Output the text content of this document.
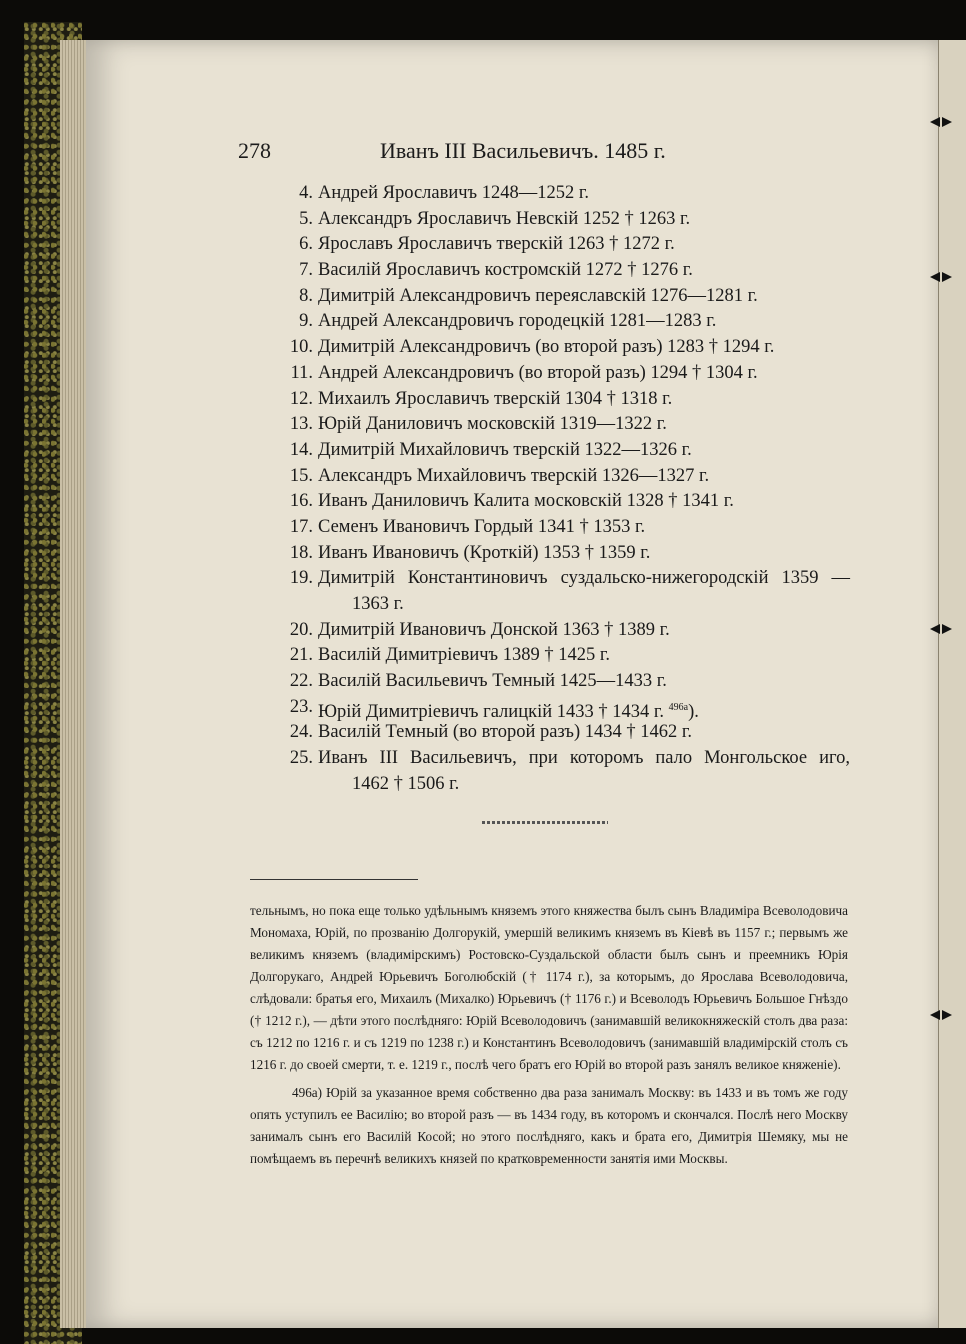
278	Иванъ III Васильевичъ. 1485 г.
4. Андрей Ярославичъ 1248—1252 г.
5. Александръ Ярославичъ Невскій 1252 † 1263 г.
6. Ярославъ Ярославичъ тверскій 1263 † 1272 г.
7. Василій Ярославичъ костромскій 1272 † 1276 г.
8. Димитрій Александровичъ переяславскій 1276—1281 г.
9. Андрей Александровичъ городецкій 1281—1283 г.
10. Димитрій Александровичъ (во второй разъ) 1283 † 1294 г.
11. Андрей Александровичъ (во второй разъ) 1294 † 1304 г.
12. Михаилъ Ярославичъ тверскій 1304 † 1318 г.
13. Юрій Даниловичъ московскій 1319—1322 г.
14. Димитрій Михайловичъ тверскій 1322—1326 г.
15. Александръ Михайловичъ тверскій 1326—1327 г.
16. Иванъ Даниловичъ Калита московскій 1328 † 1341 г.
17. Семенъ Ивановичъ Гордый 1341 † 1353 г.
18. Иванъ Ивановичъ (Кроткій) 1353 † 1359 г.
19. Димитрій Константиновичъ суздальско-нижегородскій 1359 —
1363 г.
20. Димитрій Ивановичъ Донской 1363 † 1389 г.
21. Василій Димитріевичъ 1389 † 1425 г.
22. Василій Васильевичъ Темный 1425—1433 г.
23. Юрій Димитріевичъ галицкій 1433 † 1434 г. $^{496a}$).
24. Василій Темный (во второй разъ) 1434 † 1462 г.
25. Иванъ III Васильевичъ, при которомъ пало Монгольское иго,
1462 † 1506 г.

тельнымъ, но пока еще только удѣльнымъ княземъ этого княжества былъ сынъ Владиміра Всеволодовича Мономаха, Юрій, по прозванію Долгорукій, умершій великимъ княземъ въ Кіевѣ въ 1157 г.; первымъ же великимъ княземъ (владимірскимъ) Ростовско-Суздальской области былъ сынъ и преемникъ Юрія Долгорукаго, Андрей Юрьевичъ Боголюбскій († 1174 г.), за которымъ, до Ярослава Всеволодовича, слѣдовали: братья его, Михаилъ (Михалко) Юрьевичъ († 1176 г.) и Всеволодъ Юрьевичъ Большое Гнѣздо († 1212 г.), — дѣти этого послѣдняго: Юрій Всеволодовичъ (занимавшій великокняжескій столъ два раза: съ 1212 по 1216 г. и съ 1219 по 1238 г.) и Константинъ Всеволодовичъ (занимавшій владимірскій столъ съ 1216 г. до своей смерти, т. е. 1219 г., послѣ чего братъ его Юрій во второй разъ занялъ великое княженіе).

496a) Юрій за указанное время собственно два раза занималъ Москву: въ 1433 и въ томъ же году опять уступилъ ее Василію; во второй разъ — въ 1434 году, въ которомъ и скончался. Послѣ него Москву занималъ сынъ его Василій Косой; но этого послѣдняго, какъ и брата его, Димитрія Шемяку, мы не помѣщаемъ въ перечнѣ великихъ князей по кратковременности занятія ими Москвы.
